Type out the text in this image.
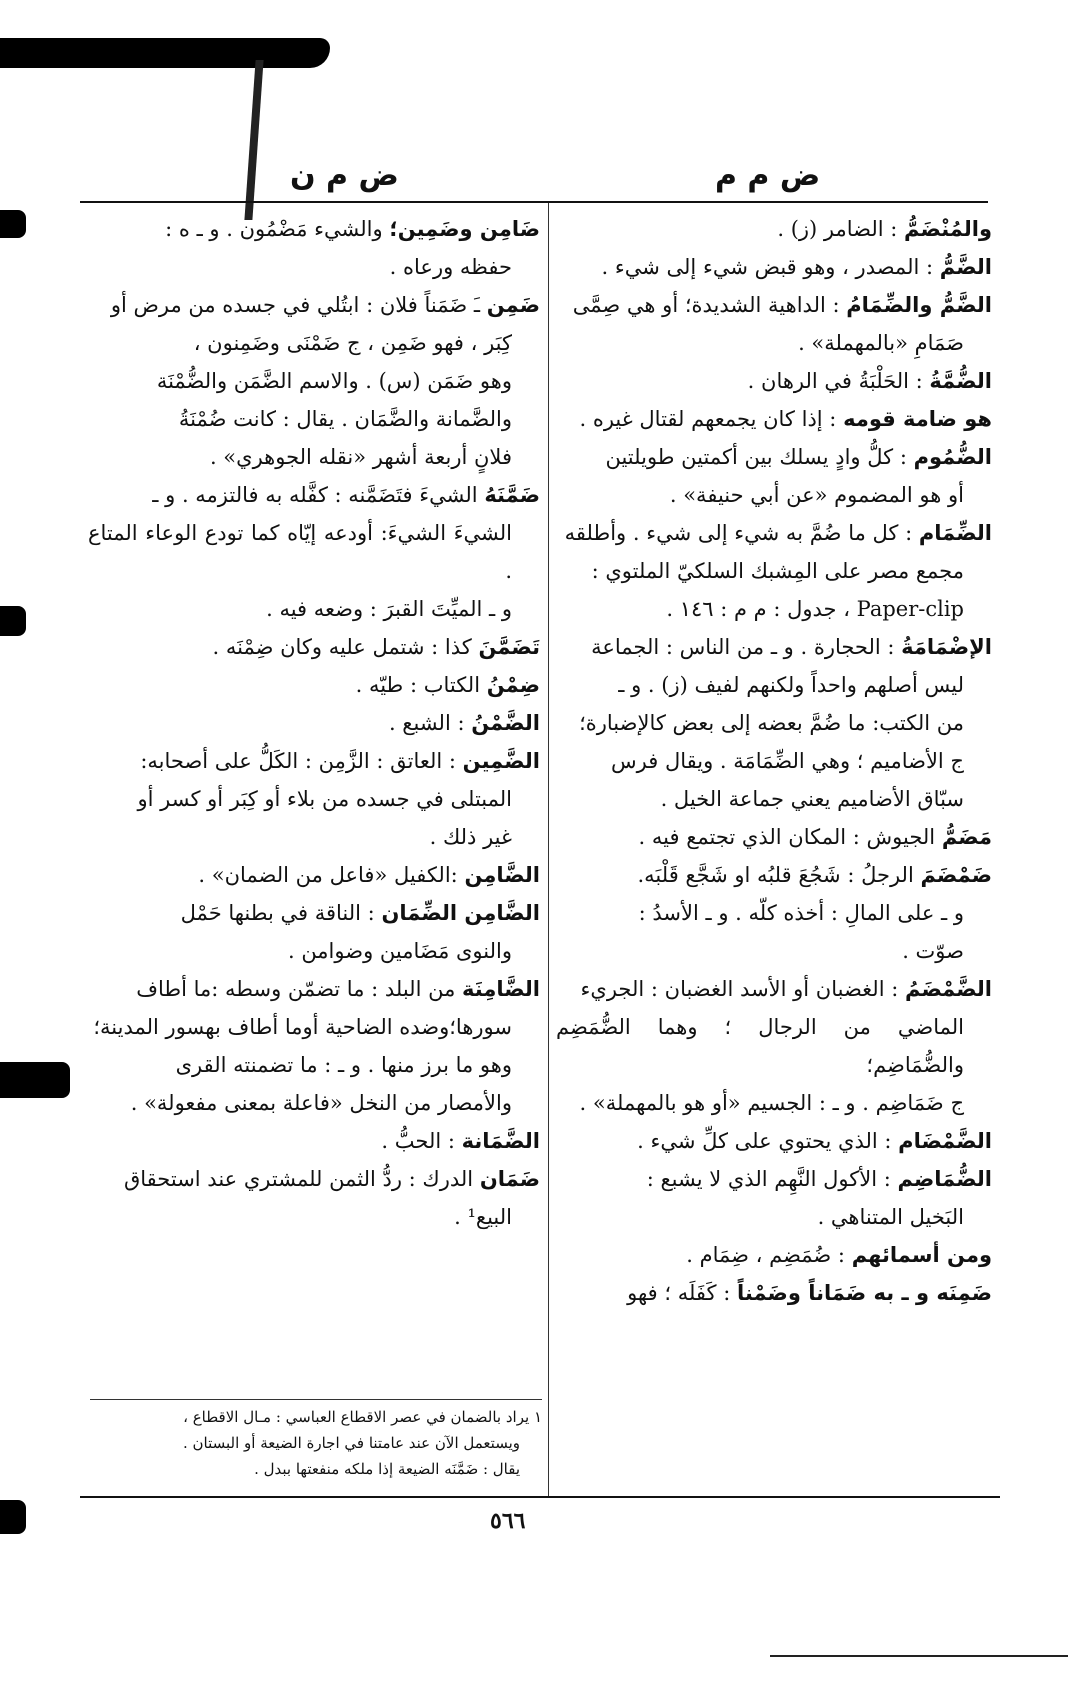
ض م م
ض م ن
والمُنْضَمُّ : الضامر (ز) .
الضَّمُّ : المصدر ، وهو قبض شيء إلى شيء .
الضَّمُّ والضِّمَامُ : الداهية الشديدة؛ أو هي صِمَّى
صَمَامِ «بالمهملة» .
الضُّمَّةُ : الحَلْبَةُ في الرهان .
هو ضامة قومه : إذا كان يجمعهم لقتال غيره .
الضُّمُوم : كلُّ وادٍ يسلك بين أكمتين طويلتين
أو هو المضموم «عن أبي حنيفة» .
الضِّمَام : كل ما ضُمَّ به شيء إلى شيء . وأطلقه
مجمع مصر على المِشبك السلكيّ الملتوي :
Paper-clip ، جدول : م م : ١٤٦ .
الإضْمَامَةُ : الحجارة . و ـ من الناس : الجماعة
ليس أصلهم واحداً ولكنهم لفيف (ز) . و ـ
من الكتب: ما ضُمَّ بعضه إلى بعض كالإضبارة؛
ج الأضاميم ؛ وهي الضِّمَامَة . ويقال فرس
سبّاق الأضاميم يعني جماعة الخيل .
مَضَمُّ الجيوش : المكان الذي تجتمع فيه .
ضَمْضَمَ الرجلُ : شَجُعَ قلبُه او شَجَّع قَلْبَه.
و ـ على المالِ : أخذه كلّه . و ـ الأسدُ :
صوّت .
الضَّمْضَمُ : الغضبان أو الأسد الغضبان : الجريء
الماضي من الرجال ؛ وهما الضُّمَضِم والضُّمَاضِم؛
ج ضَمَاضِم . و ـ : الجسيم «أو هو بالمهملة» .
الضَّمْضَام : الذي يحتوي على كلِّ شيء .
الضُّمَاضِم : الأكول النَّهِم الذي لا يشبع :
البَخيل المتناهي .
ومن أسمائهم : ضُمَضِم ، ضِمَام .
ضَمِنَه و ـ به ضَمَاناً وضَمْناً : كَفَلَه ؛ فهو
ضَامِن وضَمِين؛ والشيء مَضْمُون . و ـ ه :
حفظه ورعاه .
ضَمِن ـَ ضَمَناً فلان : ابتُلي في جسده من مرض أو
كِبَر ، فهو ضَمِن ، ج ضَمْنَى وضَمِنون ،
وهو ضَمَن (س) . والاسم الضَّمَن والضُّمْنَة
والضَّمانة والضَّمَان . يقال : كانت ضُمْنَةُ
فلانٍ أربعة أشهر «نقله الجوهري» .
ضَمَّنَهُ الشيءَ فتَضَمَّنه : كفَّله به فالتزمه . و ـ
الشيءَ الشيءَ: أودعه إيّاه كما تودع الوعاء المتاع .
و ـ الميِّتَ القبرَ : وضعه فيه .
تَضَمَّنَ كذا : شتمل عليه وكان ضِمْنَه .
ضِمْنُ الكتاب : طيّه .
الضَّمْنُ : الشبع .
الضَّمِين : العاتق : الزَّمِن : الكَلُّ على أصحابه:
المبتلى في جسده من بلاء أو كِبَر أو كسر أو
غير ذلك .
الضَّامِن :الكفيل «فاعل من الضمان» .
الضَّامِن الضِّمَان : الناقة في بطنها حَمْل
والنوى مَضَامين وضوامن .
الضَّامِنَة من البلد : ما تضمّن وسطه :ما أطاف
سورها؛وضده الضاحية أوما أطاف بهسور المدينة؛
وهو ما برز منها . و ـ : ما تضمنته القرى
والأمصار من النخل «فاعلة بمعنى مفعولة» .
الضَّمَانة : الحبُّ .
ضَمَان الدرك : ردُّ الثمن للمشتري عند استحقاق
البيع¹ .
١ يراد بالضمان في عصر الاقطاع العباسي : مـال الاقطاع ،
ويستعمل الآن عند عامتنا في اجارة الضيعة أو البستان .
يقال : ضَمَّنَه الضيعة إذا ملكه منفعتها ببدل .
٥٦٦
